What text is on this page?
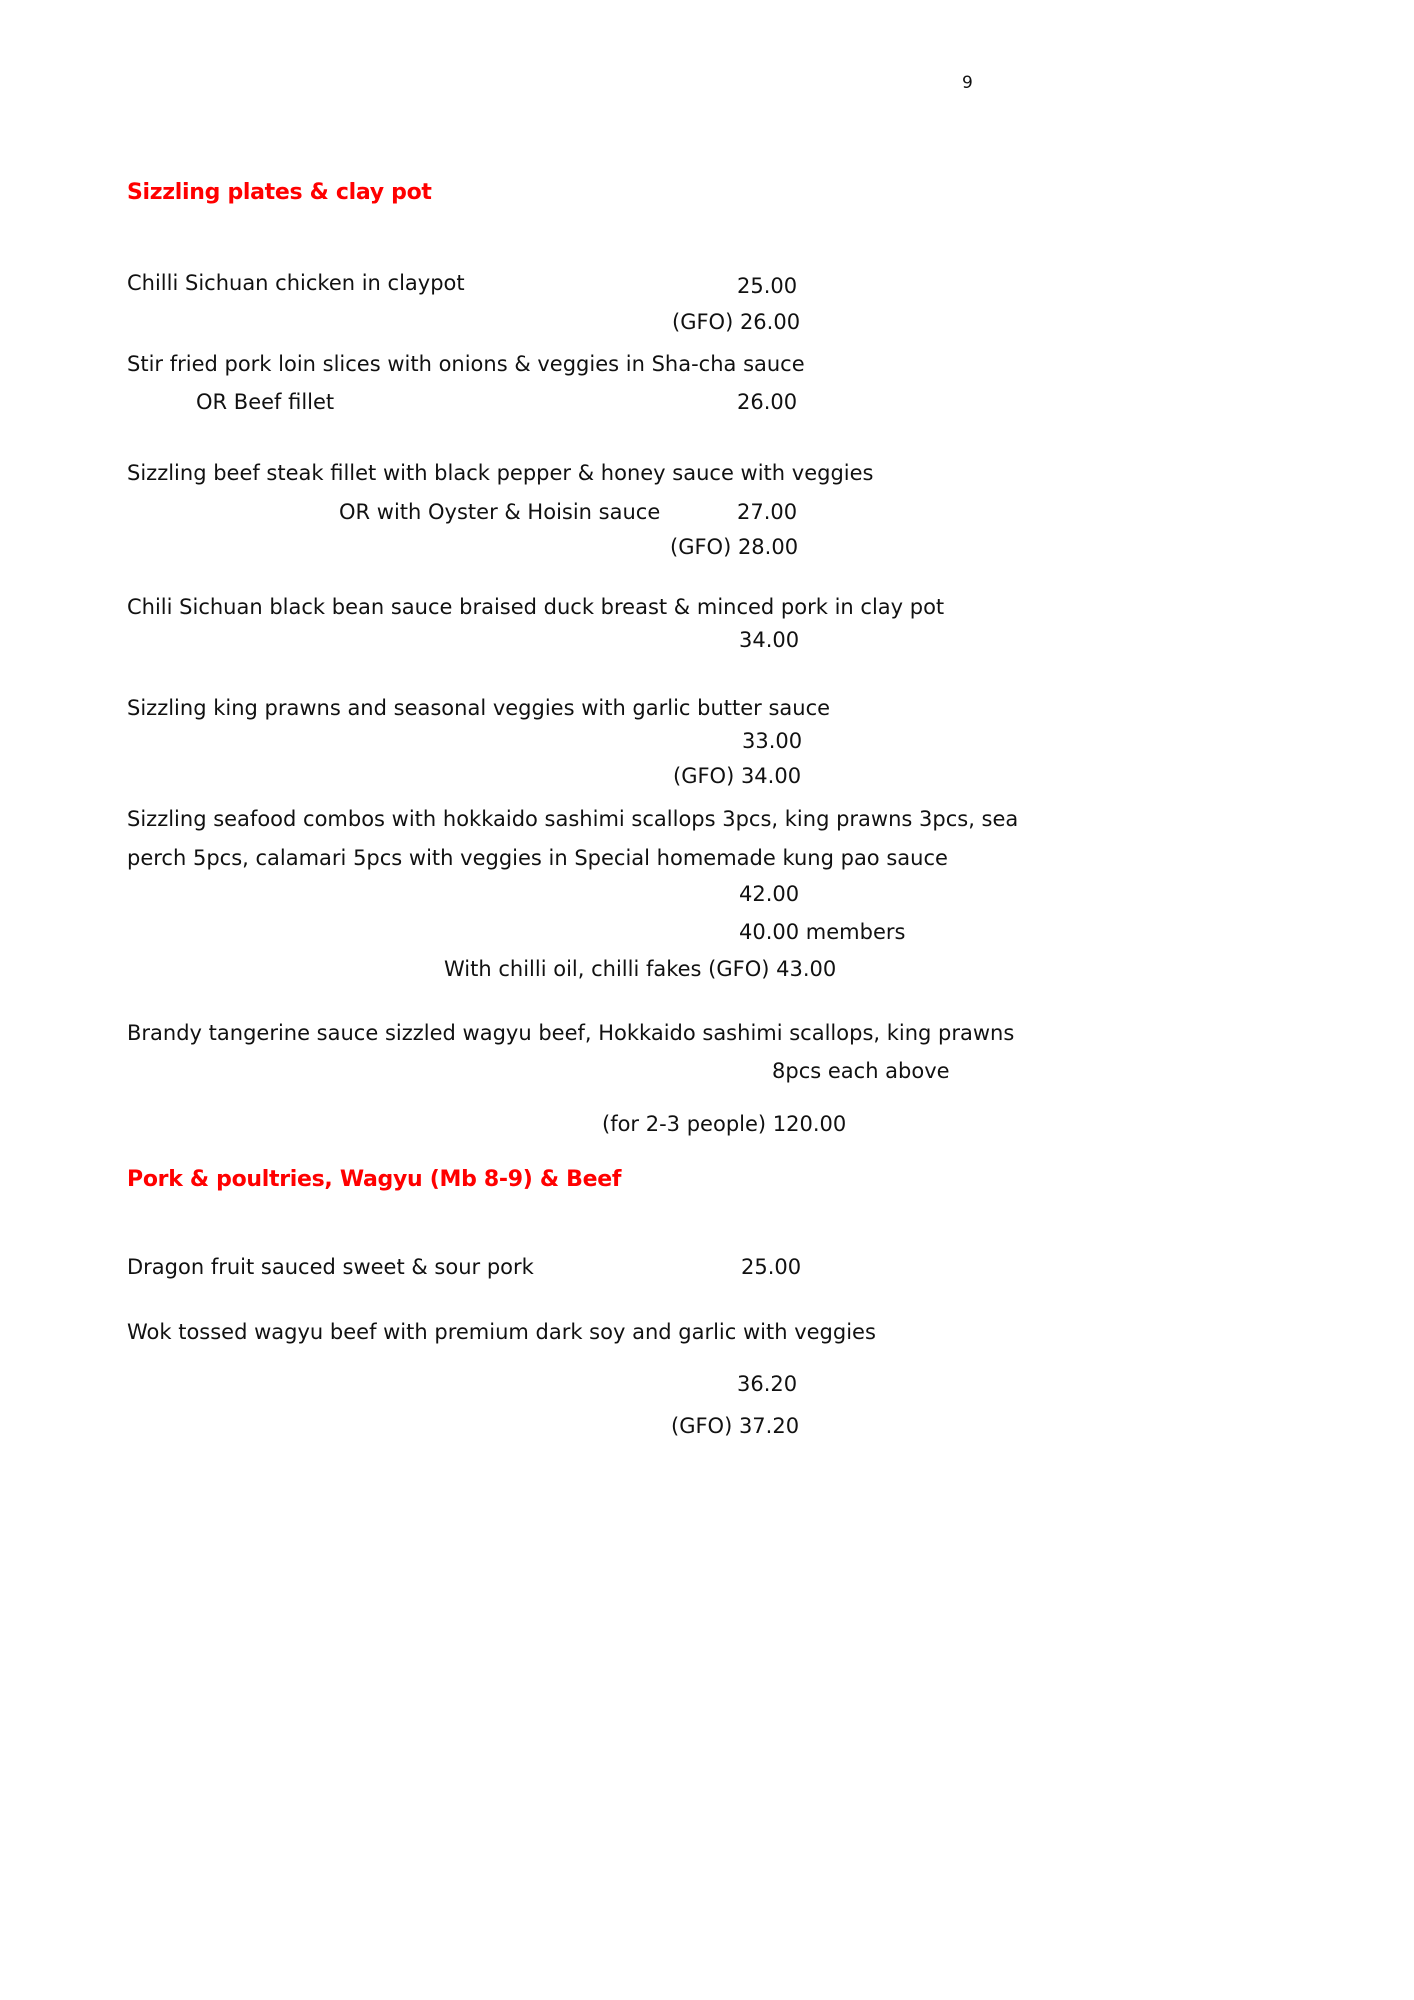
9
Sizzling plates & clay pot
Chilli Sichuan chicken in claypot	25.00
(GFO) 26.00
Stir fried pork loin slices with onions & veggies in Sha-cha sauce
OR Beef fillet	26.00
Sizzling beef steak fillet with black pepper & honey sauce with veggies
OR with Oyster & Hoisin sauce	27.00
(GFO) 28.00
Chili Sichuan black bean sauce braised duck breast & minced pork in clay pot
34.00
Sizzling king prawns and seasonal veggies with garlic butter sauce
33.00
(GFO) 34.00
Sizzling seafood combos with hokkaido sashimi scallops 3pcs, king prawns 3pcs, sea
perch 5pcs, calamari 5pcs with veggies in Special homemade kung pao sauce
42.00
40.00 members
With chilli oil, chilli fakes (GFO) 43.00
Brandy tangerine sauce sizzled wagyu beef, Hokkaido sashimi scallops, king prawns
8pcs each above
(for 2-3 people) 120.00
Pork & poultries, Wagyu (Mb 8-9) & Beef
Dragon fruit sauced sweet & sour pork	25.00
Wok tossed wagyu beef with premium dark soy and garlic with veggies
36.20
(GFO) 37.20
